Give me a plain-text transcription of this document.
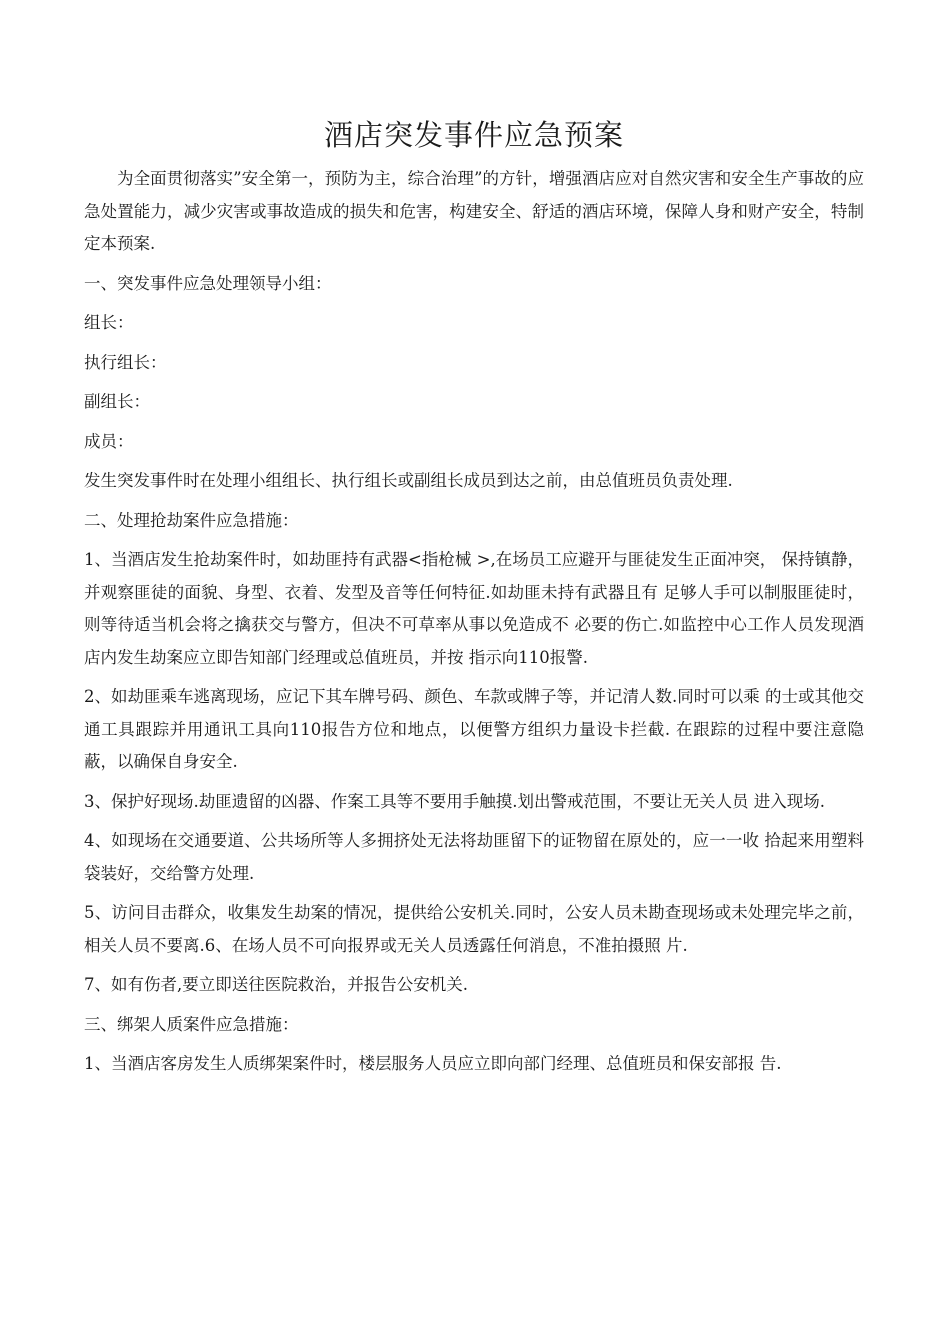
酒店突发事件应急预案

为全面贯彻落实”安全第一，预防为主，综合治理”的方针，增强酒店应对自然灾害和安全生产事故的应急处置能力，减少灾害或事故造成的损失和危害，构建安全、舒适的酒店环境，保障人身和财产安全，特制定本预案.

一、突发事件应急处理领导小组：

组长：

执行组长：

副组长：

成员：

发生突发事件时在处理小组组长、执行组长或副组长成员到达之前，由总值班员负责处理.

二、处理抢劫案件应急措施：

1、当酒店发生抢劫案件时，如劫匪持有武器<指枪械 >,在场员工应避开与匪徒发生正面冲突， 保持镇静，并观察匪徒的面貌、身型、衣着、发型及音等任何特征.如劫匪未持有武器且有 足够人手可以制服匪徒时，则等待适当机会将之擒获交与警方，但决不可草率从事以免造成不 必要的伤亡.如监控中心工作人员发现酒店内发生劫案应立即告知部门经理或总值班员，并按 指示向110报警.

2、如劫匪乘车逃离现场，应记下其车牌号码、颜色、车款或牌子等，并记清人数.同时可以乘 的士或其他交通工具跟踪并用通讯工具向110报告方位和地点，以便警方组织力量设卡拦截. 在跟踪的过程中要注意隐蔽，以确保自身安全.

3、保护好现场.劫匪遗留的凶器、作案工具等不要用手触摸.划出警戒范围，不要让无关人员 进入现场.

4、如现场在交通要道、公共场所等人多拥挤处无法将劫匪留下的证物留在原处的，应一一收 拾起来用塑料袋装好，交给警方处理.

5、访问目击群众，收集发生劫案的情况，提供给公安机关.同时，公安人员未勘查现场或未处理完毕之前，相关人员不要离.6、在场人员不可向报界或无关人员透露任何消息，不准拍摄照 片.

7、如有伤者,要立即送往医院救治，并报告公安机关.

三、绑架人质案件应急措施：

1、当酒店客房发生人质绑架案件时，楼层服务人员应立即向部门经理、总值班员和保安部报 告.
